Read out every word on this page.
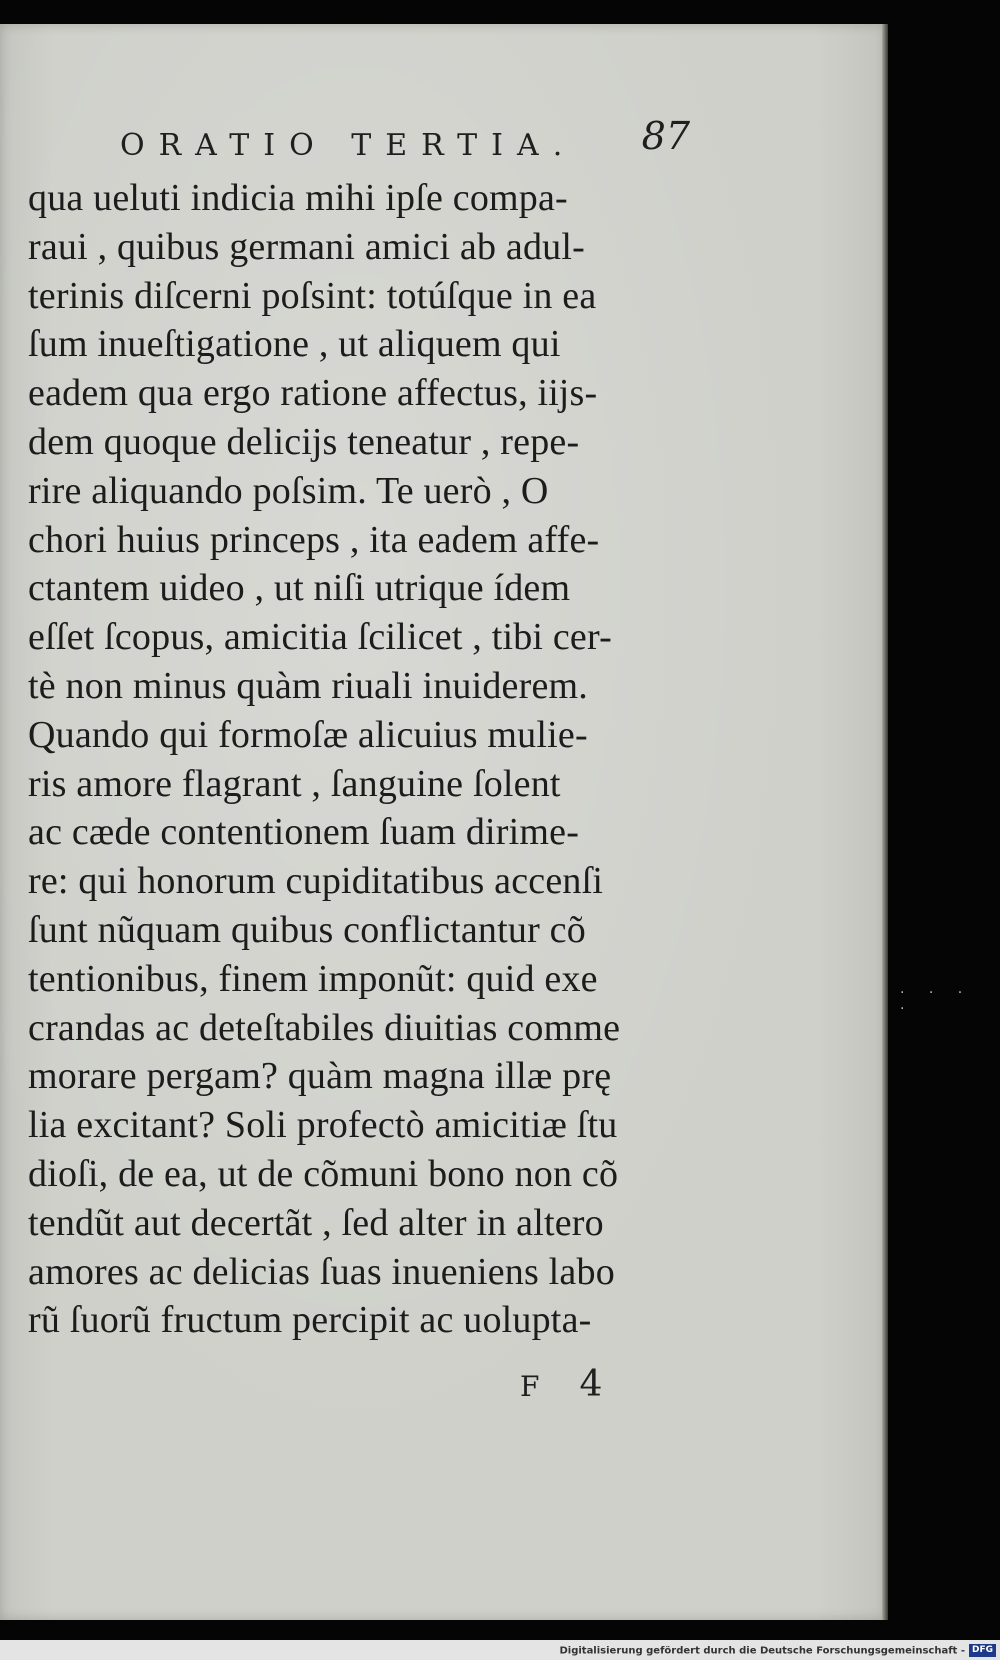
ORATIO TERTIA. 87
qua ueluti indicia mihi ipſe compa-
raui , quibus germani amici ab adul-
terinis diſcerni poſsint: totúſque in ea
ſum inueſtigatione , ut aliquem qui
eadem qua ergo ratione affectus, iĳs-
dem quoque delicĳs teneatur , repe-
rire aliquando poſsim. Te uerò , O
chori huius princeps , ita eadem affe-
ctantem uideo , ut niſi utrique ídem
eſſet ſcopus, amicitia ſcilicet , tibi cer-
tè non minus quàm riuali inuiderem.
Quando qui formoſæ alicuius mulie-
ris amore flagrant , ſanguine ſolent
ac cæde contentionem ſuam dirime-
re: qui honorum cupiditatibus accenſi
ſunt nũquam quibus conflictantur cõ
tentionibus, finem imponũt: quid exe
crandas ac deteſtabiles diuitias comme
morare pergam? quàm magna illæ prę
lia excitant? Soli profectò amicitiæ ſtu
dioſi, de ea, ut de cõmuni bono non cõ
tendũt aut decertãt , ſed alter in altero
amores ac delicias ſuas inueniens labo
rũ ſuorũ fructum percipit ac uolupta-
F4
· · · ·
Digitalisierung gefördert durch die Deutsche Forschungsgemeinschaft - DFG
